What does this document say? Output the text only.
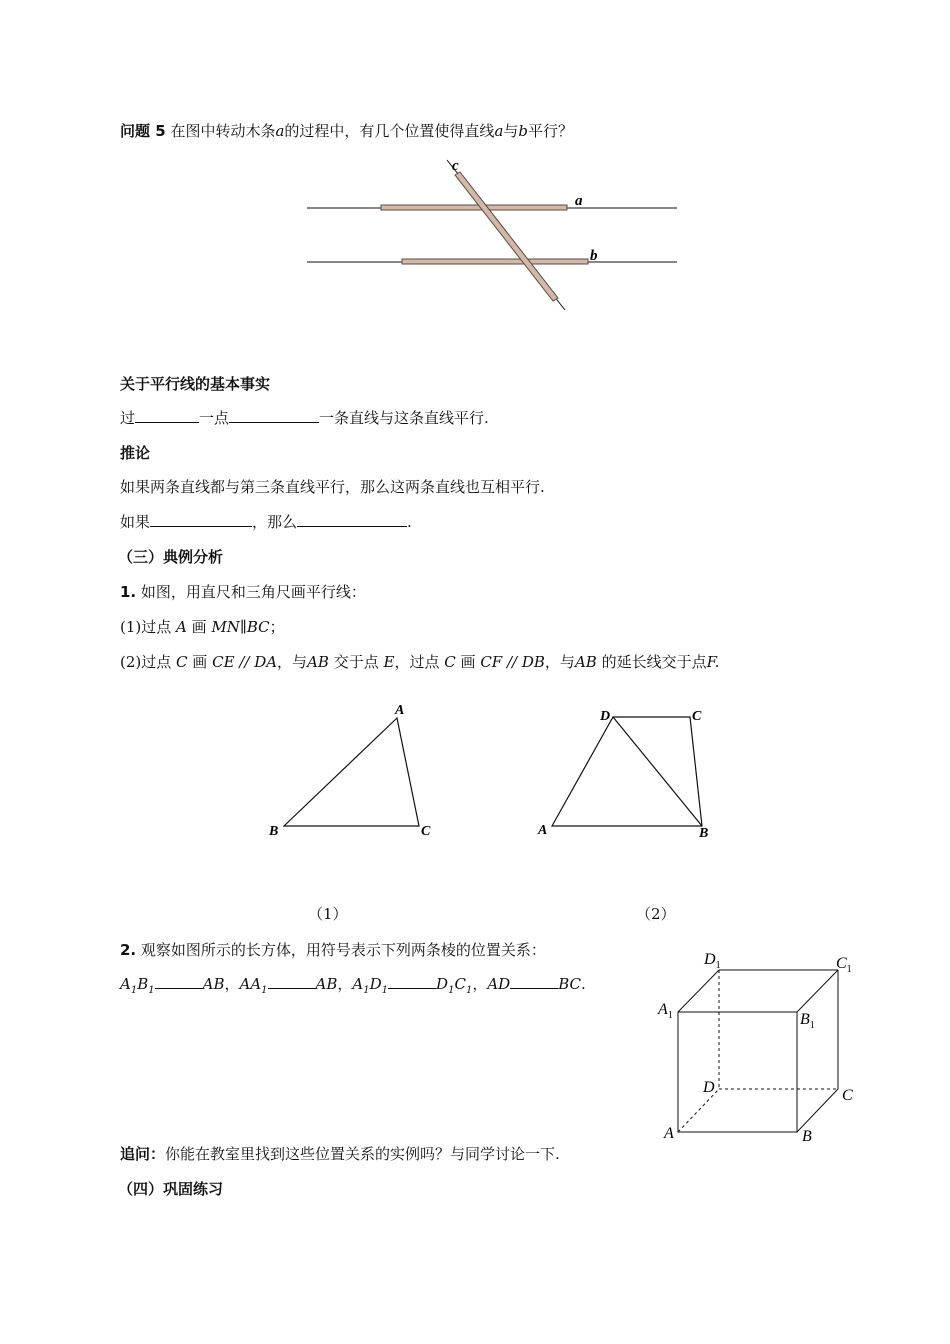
问题 5 在图中转动木条a的过程中，有几个位置使得直线a与b平行？
c
a
b
关于平行线的基本事实
过	一点	一条直线与这条直线平行.
推论
如果两条直线都与第三条直线平行，那么这两条直线也互相平行.
如果	，那么	.
（三）典例分析
1. 如图，用直尺和三角尺画平行线：
(1)过点 A 画 MN∥BC；
(2)过点 C 画 CE // DA，与AB 交于点 E，过点 C 画 CF // DB，与AB 的延长线交于点F.
A
B	C
D	C
A	B
（1）	（2）
2. 观察如图所示的长方体，用符号表示下列两条棱的位置关系：
$A_1B_1$	AB，$AA_1$	AB，$A_1D_1$	$D_1C_1$，AD	BC.
$D_1$	$C_1$
$A_1$	$B_1$
D	C
A	B
追问：你能在教室里找到这些位置关系的实例吗？与同学讨论一下.
（四）巩固练习
